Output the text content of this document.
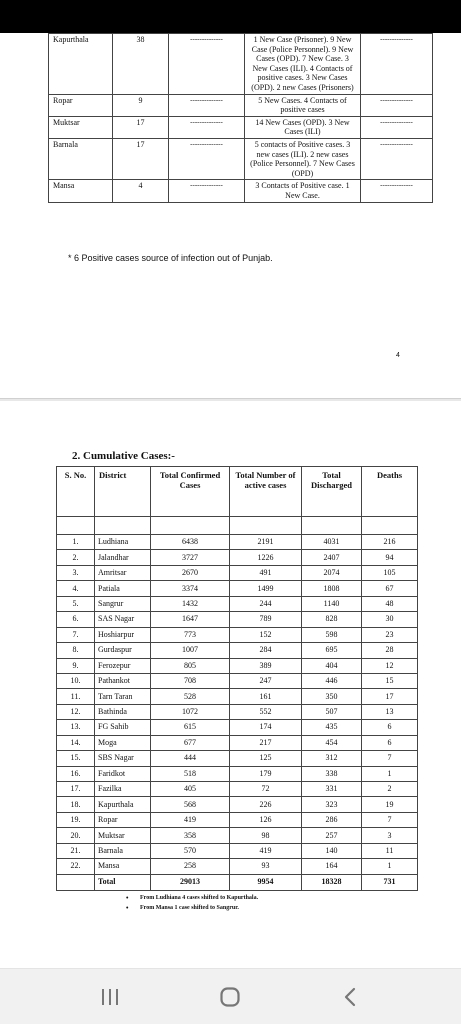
Kapurthala	38	--------------	1 New Case (Prisoner). 9 New Case (Police Personnel). 9 New Cases (OPD). 7 New Case. 3 New Cases (ILI). 4 Contacts of positive cases. 3 New Cases (OPD). 2 new Cases (Prisoners)	--------------
Ropar	9	--------------	5 New Cases. 4 Contacts of positive cases	--------------
Muktsar	17	--------------	14 New Cases (OPD). 3 New Cases (ILI)	--------------
Barnala	17	--------------	5 contacts of Positive cases. 3 new cases (ILI). 2 new cases (Police Personnel). 7 New Cases (OPD)	--------------
Mansa	4	--------------	3 Contacts of Positive case. 1 New Case.	--------------
* 6 Positive cases source of infection out of Punjab.
4
2. Cumulative Cases:-
S. No.	District	Total Confirmed Cases	Total Number of active cases	Total Discharged	Deaths

1.	Ludhiana	6438	2191	4031	216
2.	Jalandhar	3727	1226	2407	94
3.	Amritsar	2670	491	2074	105
4.	Patiala	3374	1499	1808	67
5.	Sangrur	1432	244	1140	48
6.	SAS Nagar	1647	789	828	30
7.	Hoshiarpur	773	152	598	23
8.	Gurdaspur	1007	284	695	28
9.	Ferozepur	805	389	404	12
10.	Pathankot	708	247	446	15
11.	Tarn Taran	528	161	350	17
12.	Bathinda	1072	552	507	13
13.	FG Sahib	615	174	435	6
14.	Moga	677	217	454	6
15.	SBS Nagar	444	125	312	7
16.	Faridkot	518	179	338	1
17.	Fazilka	405	72	331	2
18.	Kapurthala	568	226	323	19
19.	Ropar	419	126	286	7
20.	Muktsar	358	98	257	3
21.	Barnala	570	419	140	11
22.	Mansa	258	93	164	1
	Total	29013	9954	18328	731
• From Ludhiana 4 cases shifted to Kapurthala.
• From Mansa 1 case shifted to Sangrur.
